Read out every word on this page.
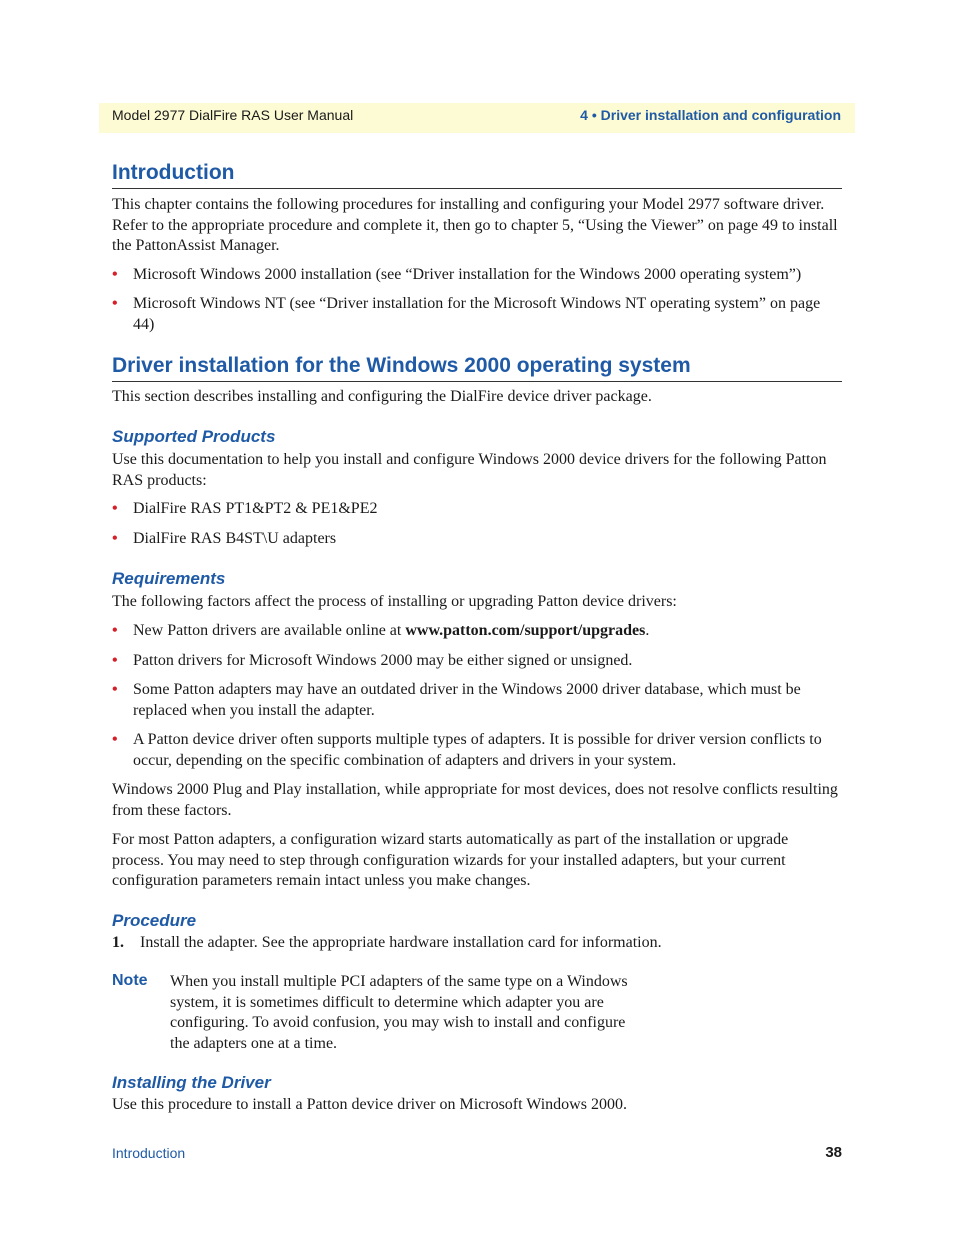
Model 2977 DialFire RAS User Manual	4 • Driver installation and configuration
Introduction
This chapter contains the following procedures for installing and configuring your Model 2977 software driver. Refer to the appropriate procedure and complete it, then go to chapter 5, “Using the Viewer” on page 49 to install the PattonAssist Manager.
• Microsoft Windows 2000 installation (see “Driver installation for the Windows 2000 operating system”)
• Microsoft Windows NT (see “Driver installation for the Microsoft Windows NT operating system” on page 44)
Driver installation for the Windows 2000 operating system
This section describes installing and configuring the DialFire device driver package.
Supported Products
Use this documentation to help you install and configure Windows 2000 device drivers for the following Patton RAS products:
• DialFire RAS PT1&PT2 & PE1&PE2
• DialFire RAS B4ST\U adapters
Requirements
The following factors affect the process of installing or upgrading Patton device drivers:
• New Patton drivers are available online at www.patton.com/support/upgrades.
• Patton drivers for Microsoft Windows 2000 may be either signed or unsigned.
• Some Patton adapters may have an outdated driver in the Windows 2000 driver database, which must be replaced when you install the adapter.
• A Patton device driver often supports multiple types of adapters. It is possible for driver version conflicts to occur, depending on the specific combination of adapters and drivers in your system.
Windows 2000 Plug and Play installation, while appropriate for most devices, does not resolve conflicts resulting from these factors.
For most Patton adapters, a configuration wizard starts automatically as part of the installation or upgrade process. You may need to step through configuration wizards for your installed adapters, but your current configuration parameters remain intact unless you make changes.
Procedure
1. Install the adapter. See the appropriate hardware installation card for information.
Installing the Driver
Use this procedure to install a Patton device driver on Microsoft Windows 2000.
Note When you install multiple PCI adapters of the same type on a Windows system, it is sometimes difficult to determine which adapter you are configuring. To avoid confusion, you may wish to install and configure the adapters one at a time.
Introduction	38
